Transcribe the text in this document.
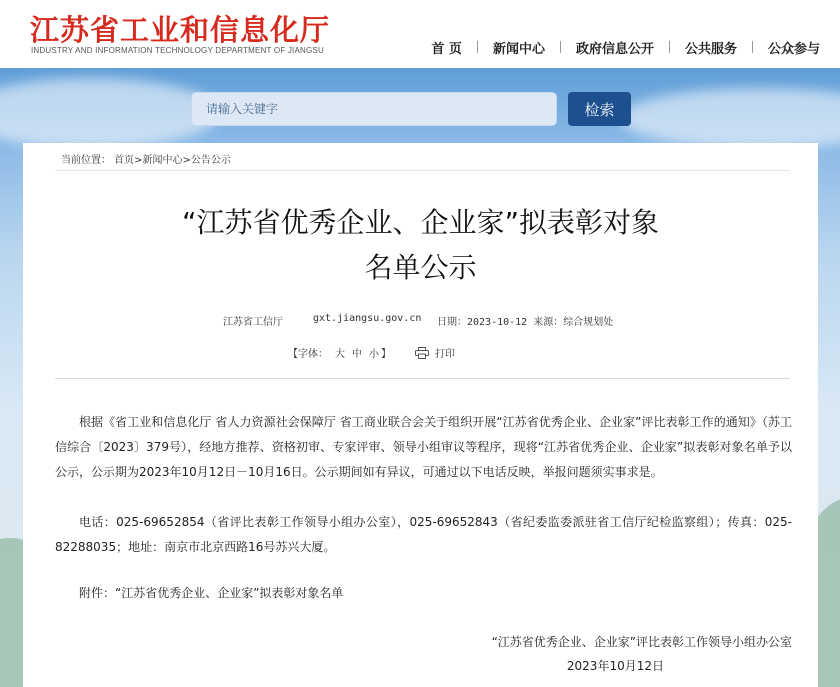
江苏省工业和信息化厅
INDUSTRY AND INFORMATION TECHNOLOGY DEPARTMENT OF JIANGSU	首 页 新闻中心 政府信息公开 公共服务 公众参与
请输入关键字
检索
当前位置： 首页>新闻中心>公告公示
“江苏省优秀企业、企业家”拟表彰对象
名单公示
江苏省工信厅	gxt.jiangsu.gov.cn 日期：2023-10-12 来源：综合规划处
【字体： 大 中 小 】	打印
根据《省工业和信息化厅 省人力资源社会保障厅 省工商业联合会关于组织开展“江苏省优秀企业、企业家”评比表彰工作的通知》（苏工信综合〔2023〕379号），经地方推荐、资格初审、专家评审、领导小组审议等程序，现将“江苏省优秀企业、企业家”拟表彰对象名单予以公示，公示期为2023年10月12日－10月16日。公示期间如有异议，可通过以下电话反映，举报问题须实事求是。
电话：025-69652854（省评比表彰工作领导小组办公室），025-69652843（省纪委监委派驻省工信厅纪检监察组）；传真：025-82288035；地址：南京市北京西路16号苏兴大厦。
附件：“江苏省优秀企业、企业家”拟表彰对象名单
“江苏省优秀企业、企业家”评比表彰工作领导小组办公室
2023年10月12日
